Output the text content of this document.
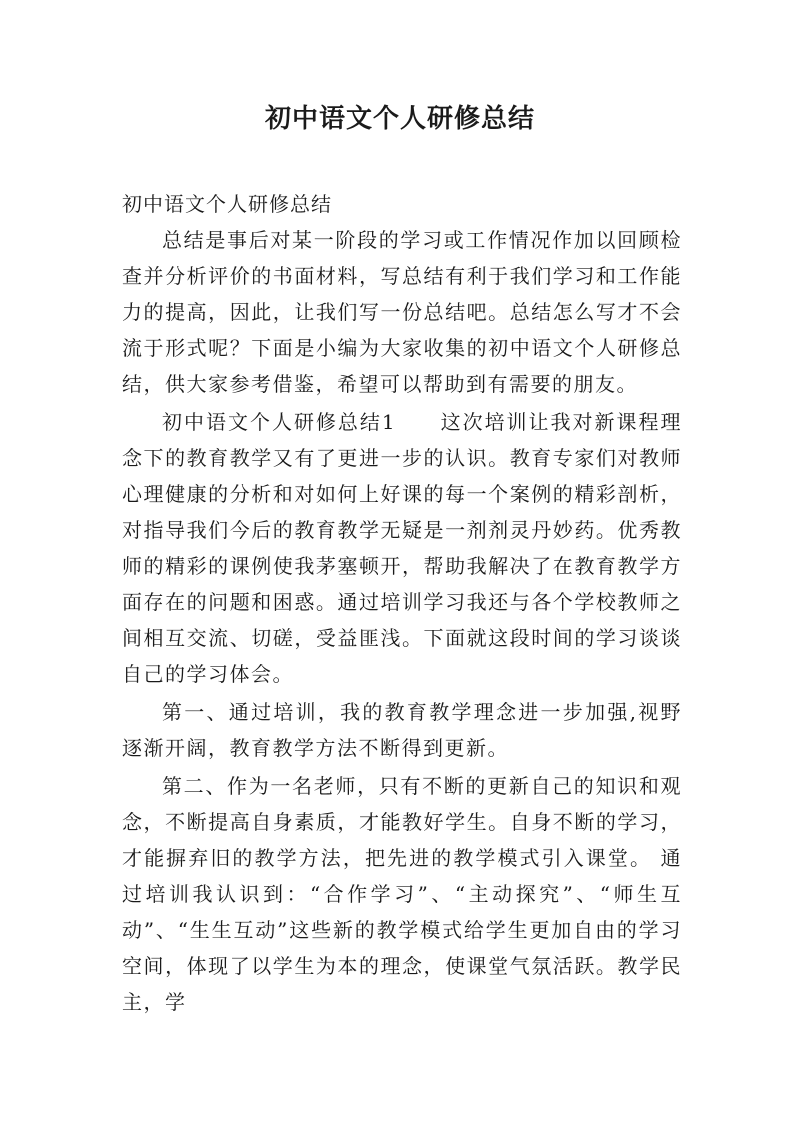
初中语文个人研修总结

初中语文个人研修总结

总结是事后对某一阶段的学习或工作情况作加以回顾检查并分析评价的书面材料，写总结有利于我们学习和工作能力的提高，因此，让我们写一份总结吧。总结怎么写才不会流于形式呢？下面是小编为大家收集的初中语文个人研修总结，供大家参考借鉴，希望可以帮助到有需要的朋友。

初中语文个人研修总结1　　这次培训让我对新课程理念下的教育教学又有了更进一步的认识。教育专家们对教师心理健康的分析和对如何上好课的每一个案例的精彩剖析，对指导我们今后的教育教学无疑是一剂剂灵丹妙药。优秀教师的精彩的课例使我茅塞顿开，帮助我解决了在教育教学方面存在的问题和困惑。通过培训学习我还与各个学校教师之间相互交流、切磋，受益匪浅。下面就这段时间的学习谈谈自己的学习体会。

第一、通过培训，我的教育教学理念进一步加强,视野逐渐开阔，教育教学方法不断得到更新。

第二、作为一名老师，只有不断的更新自己的知识和观念，不断提高自身素质，才能教好学生。自身不断的学习，才能摒弃旧的教学方法，把先进的教学模式引入课堂。 通过培训我认识到：“合作学习”、“主动探究”、“师生互动”、“生生互动”这些新的教学模式给学生更加自由的学习空间，体现了以学生为本的理念，使课堂气氛活跃。教学民主，学
